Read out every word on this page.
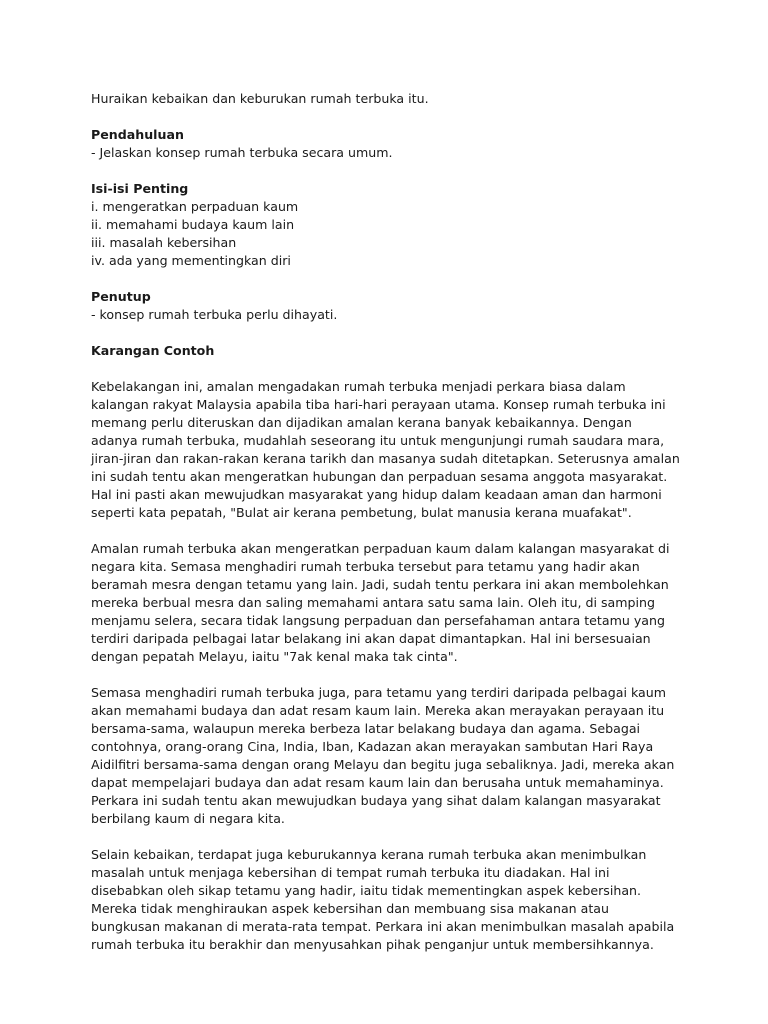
Huraikan kebaikan dan keburukan rumah terbuka itu.
Pendahuluan
- Jelaskan konsep rumah terbuka secara umum.
Isi-isi Penting
i. mengeratkan perpaduan kaum
ii. memahami budaya kaum lain
iii. masalah kebersihan
iv. ada yang mementingkan diri
Penutup
- konsep rumah terbuka perlu dihayati.
Karangan Contoh
Kebelakangan ini, amalan mengadakan rumah terbuka menjadi perkara biasa dalam
kalangan rakyat Malaysia apabila tiba hari-hari perayaan utama. Konsep rumah terbuka ini
memang perlu diteruskan dan dijadikan amalan kerana banyak kebaikannya. Dengan
adanya rumah terbuka, mudahlah seseorang itu untuk mengunjungi rumah saudara mara,
jiran-jiran dan rakan-rakan kerana tarikh dan masanya sudah ditetapkan. Seterusnya amalan
ini sudah tentu akan mengeratkan hubungan dan perpaduan sesama anggota masyarakat.
Hal ini pasti akan mewujudkan masyarakat yang hidup dalam keadaan aman dan harmoni
seperti kata pepatah, "Bulat air kerana pembetung, bulat manusia kerana muafakat".
Amalan rumah terbuka akan mengeratkan perpaduan kaum dalam kalangan masyarakat di
negara kita. Semasa menghadiri rumah terbuka tersebut para tetamu yang hadir akan
beramah mesra dengan tetamu yang lain. Jadi, sudah tentu perkara ini akan membolehkan
mereka berbual mesra dan saling memahami antara satu sama lain. Oleh itu, di samping
menjamu selera, secara tidak langsung perpaduan dan persefahaman antara tetamu yang
terdiri daripada pelbagai latar belakang ini akan dapat dimantapkan. Hal ini bersesuaian
dengan pepatah Melayu, iaitu "7ak kenal maka tak cinta".
Semasa menghadiri rumah terbuka juga, para tetamu yang terdiri daripada pelbagai kaum
akan memahami budaya dan adat resam kaum lain. Mereka akan merayakan perayaan itu
bersama-sama, walaupun mereka berbeza latar belakang budaya dan agama. Sebagai
contohnya, orang-orang Cina, India, Iban, Kadazan akan merayakan sambutan Hari Raya
Aidilfitri bersama-sama dengan orang Melayu dan begitu juga sebaliknya. Jadi, mereka akan
dapat mempelajari budaya dan adat resam kaum lain dan berusaha untuk memahaminya.
Perkara ini sudah tentu akan mewujudkan budaya yang sihat dalam kalangan masyarakat
berbilang kaum di negara kita.
Selain kebaikan, terdapat juga keburukannya kerana rumah terbuka akan menimbulkan
masalah untuk menjaga kebersihan di tempat rumah terbuka itu diadakan. Hal ini
disebabkan oleh sikap tetamu yang hadir, iaitu tidak mementingkan aspek kebersihan.
Mereka tidak menghiraukan aspek kebersihan dan membuang sisa makanan atau
bungkusan makanan di merata-rata tempat. Perkara ini akan menimbulkan masalah apabila
rumah terbuka itu berakhir dan menyusahkan pihak penganjur untuk membersihkannya.
